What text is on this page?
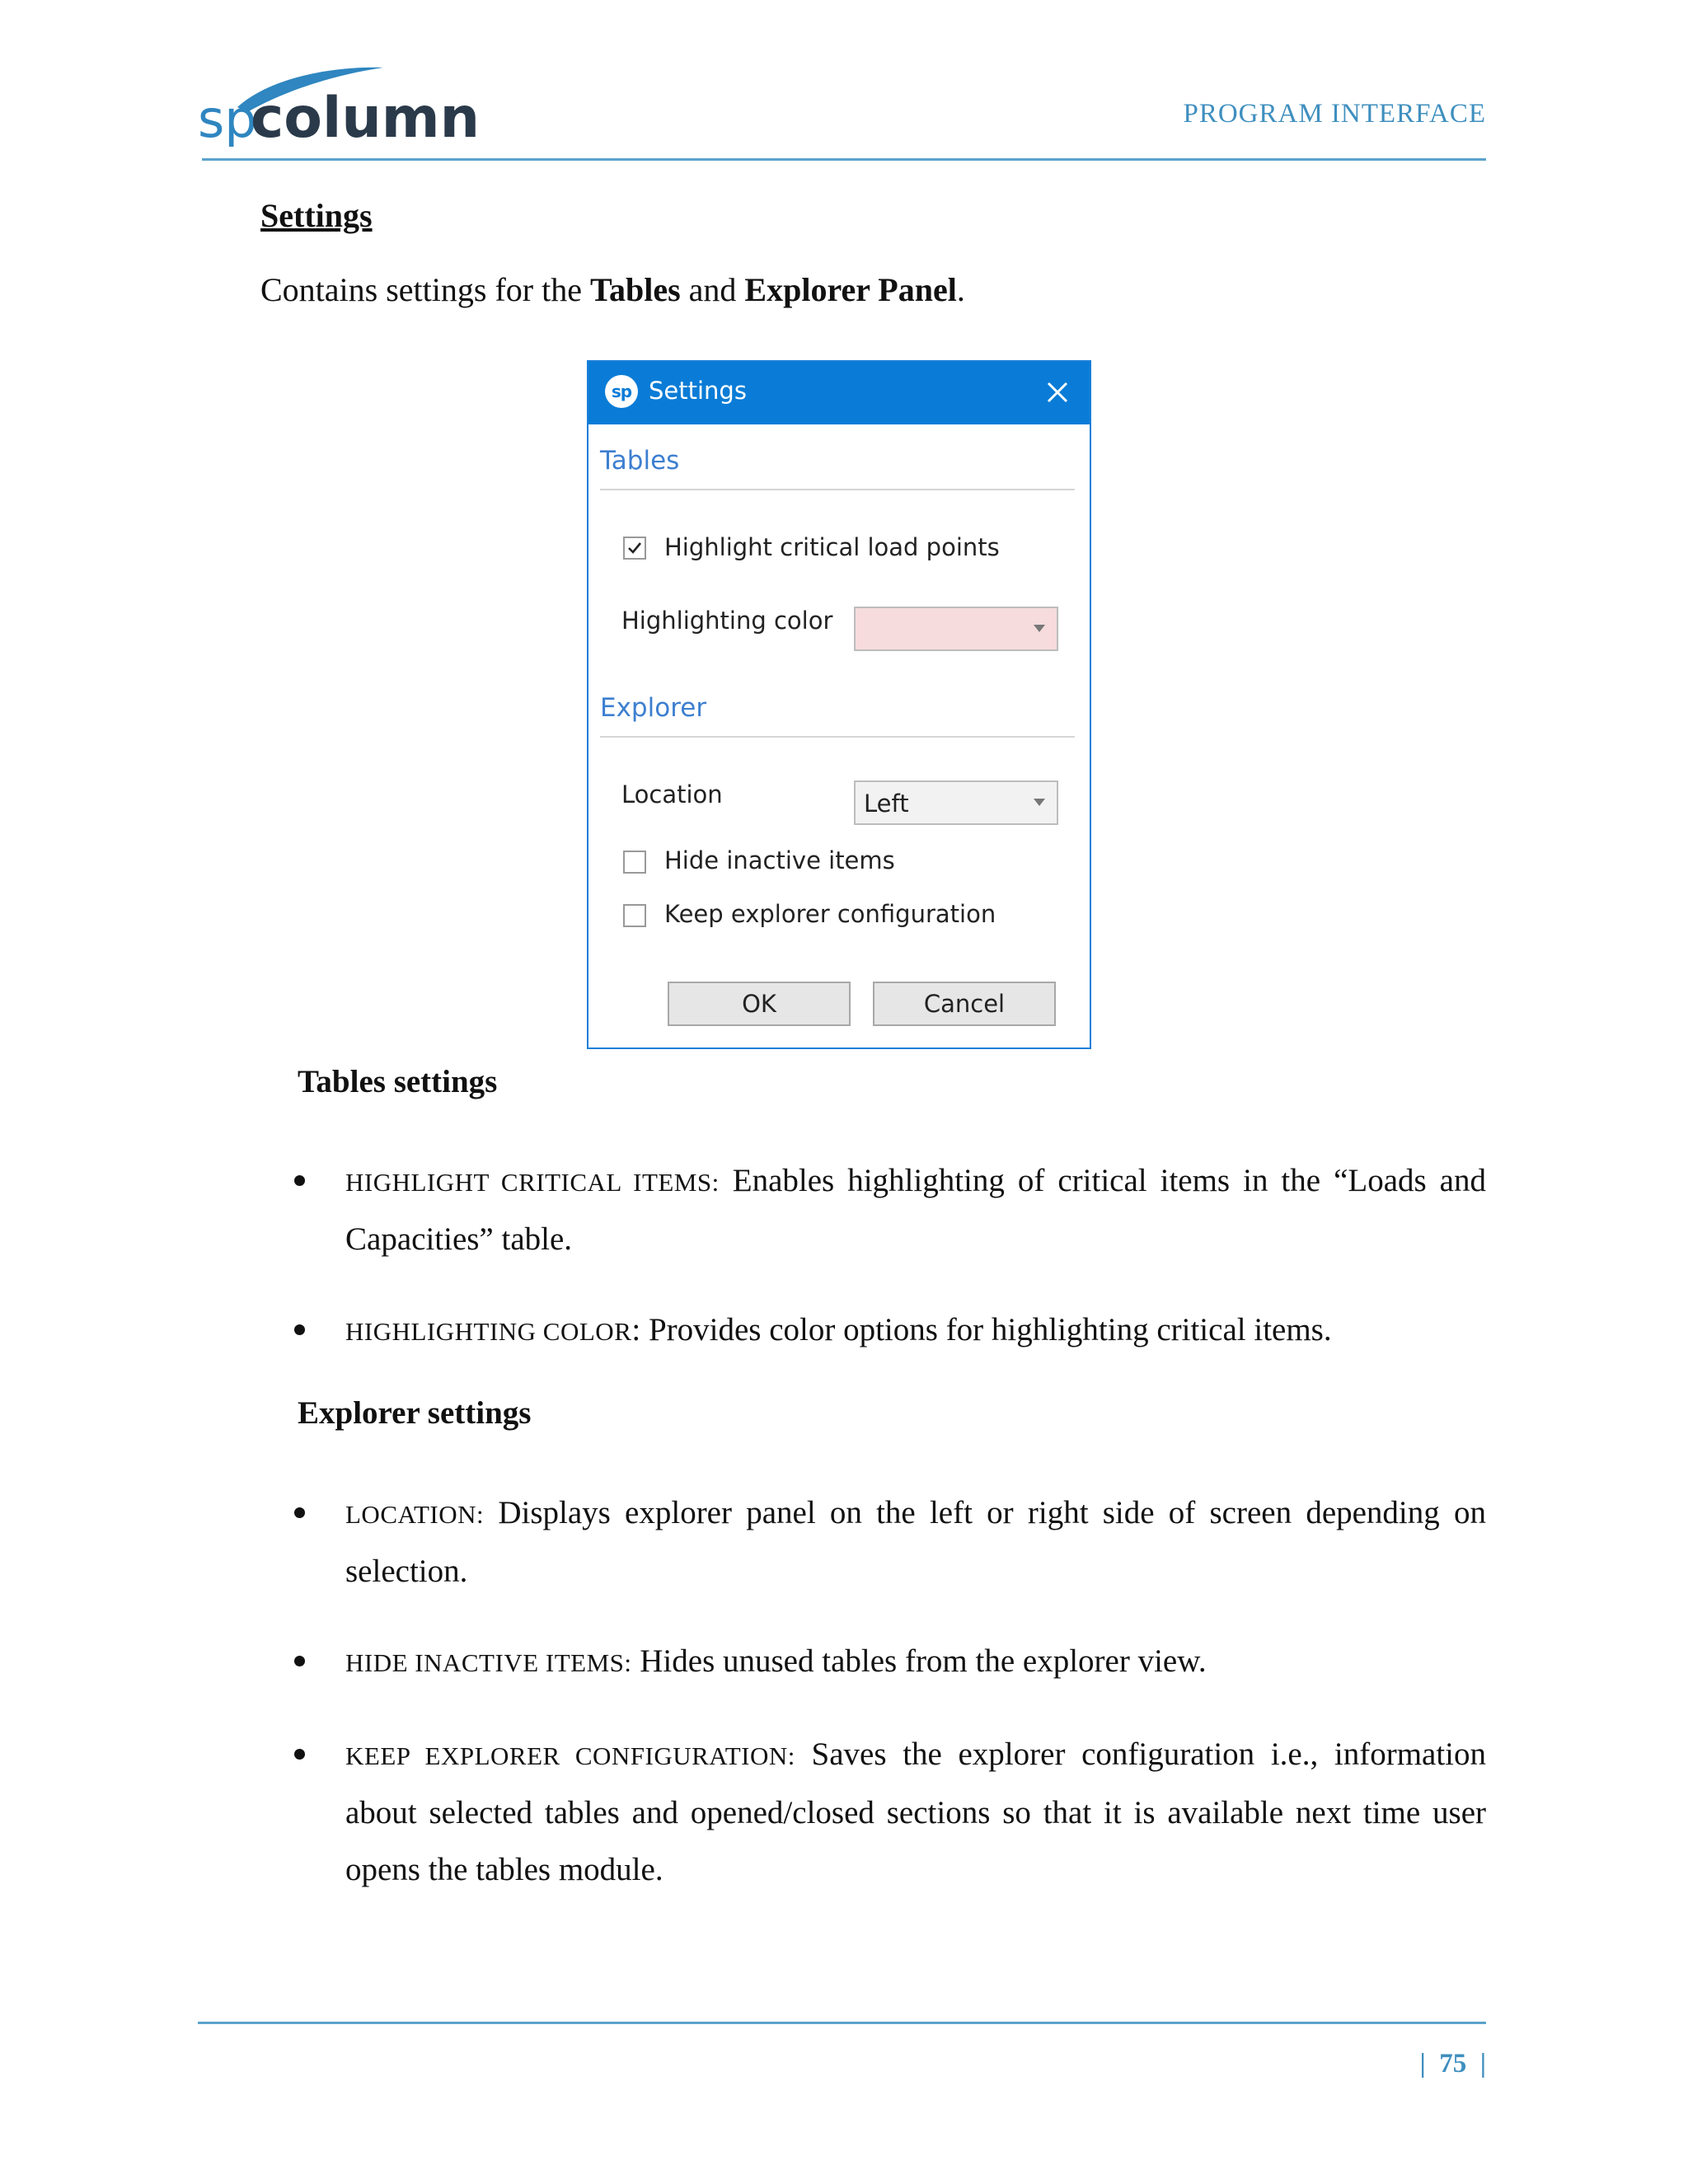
sp
column	PROGRAM INTERFACE
Settings
Contains settings for the Tables and Explorer Panel.
sp Settings
Tables
Highlight critical load points
Highlighting color
Explorer
Location	Left
Hide inactive items
Keep explorer configuration
OK	Cancel
Tables settings
HIGHLIGHT CRITICAL ITEMS: Enables highlighting of critical items in the “Loads and Capacities” table.
HIGHLIGHTING COLOR: Provides color options for highlighting critical items.
Explorer settings
LOCATION: Displays explorer panel on the left or right side of screen depending on selection.
HIDE INACTIVE ITEMS: Hides unused tables from the explorer view.
KEEP EXPLORER CONFIGURATION: Saves the explorer configuration i.e., information about selected tables and opened/closed sections so that it is available next time user opens the tables module.
|  75  |
